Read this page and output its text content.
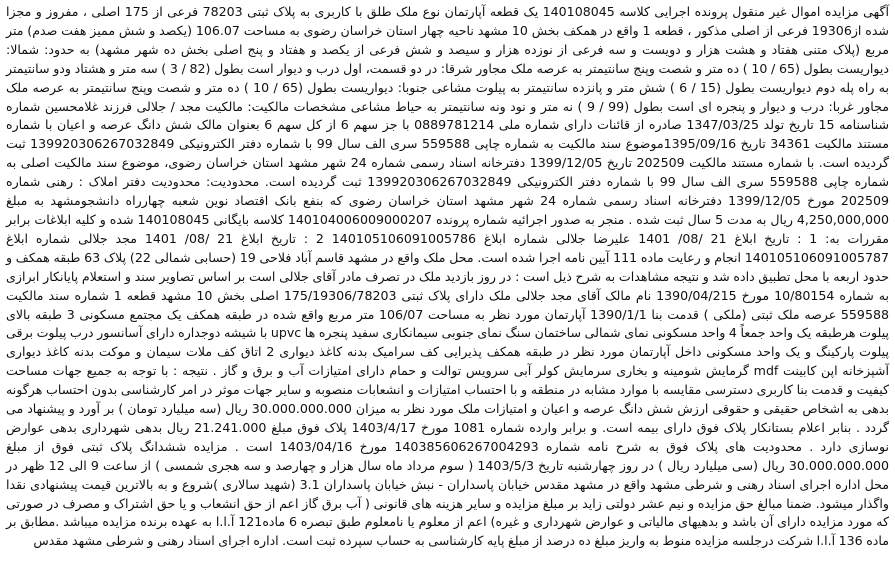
آگهی مزایده اموال غیر منقول پرونده اجرایی کلاسه 140108045 یک قطعه آپارتمان نوع ملک طلق با کاربری به پلاک ثبتی 78203 فرعی از 175 اصلی ، مفروز و مجزا شده از19306 فرعی از اصلی مذکور ، قطعه 1 واقع در همکف بخش 10 مشهد ناحیه چهار استان خراسان رضوی به مساحت 106.07 (یکصد و شش ممیز هفت صدم) متر مربع (پلاک متنی هفتاد و هشت هزار و دویست و سه فرعی از نوزده هزار و سیصد و شش فرعی از یکصد و هفتاد و پنج اصلی بخش ده شهر مشهد) به حدود: شمالا: دیواریست بطول (65 / 10 ) ده متر و شصت وپنج سانتیمتر به عرصه ملک مجاور شرقا: در دو قسمت، اول درب و دیوار است بطول (82 / 3 ) سه متر و هشتاد ودو سانتیمتر به راه پله دوم دیواریست بطول (15 / 6 ) شش متر و پانزده سانتیمتر به پیلوت مشاعی جنوبا: دیواریست بطول (65 / 10 ) ده متر و شصت وپنج سانتیمتر به عرصه ملک مجاور غربا: درب و دیوار و پنجره ای است بطول (99 / 9 ) نه متر و نود ونه سانتیمتر به حیاط مشاعی مشخصات مالکیت: مالکیت مجد / جلالی فرزند غلامحسین شماره شناسنامه 15 تاریخ تولد 1347/03/25 صادره از قائنات دارای شماره ملی 0889781214 با جز سهم 6 از کل سهم 6 بعنوان مالک شش دانگ عرصه و اعیان با شماره مستند مالکیت 34361 تاریخ 1395/09/16موضوع سند مالکیت به شماره چاپی 559588 سری الف سال 99 با شماره دفتر الکترونیکی 139920306267032849 ثبت گردیده است. با شماره مستند مالکیت 202509 تاریخ 1399/12/05 دفترخانه اسناد رسمی شماره 24 شهر مشهد استان خراسان رضوی، موضوع سند مالکیت اصلی به شماره چاپی 559588 سری الف سال 99 با شماره دفتر الکترونیکی 139920306267032849 ثبت گردیده است. محدودیت: محدودیت دفتر املاک : رهنی شماره 202509 مورخ 1399/12/05 دفترخانه اسناد رسمی شماره 24 شهر مشهد استان خراسان رضوی که بنفع بانک اقتصاد نوین شعبه چهارراه دانشجومشهد به مبلغ 4,250,000,000 ریال به مدت 5 سال ثبت شده . منجر به صدور اجرائیه شماره پرونده 140104006009000207 کلاسه بایگانی 140108045 شده و کلیه ابلاغات برابر مقررات به: 1 : تاریخ ابلاغ 21 /08/ 1401 علیرضا جلالی شماره ابلاغ 140105106091005786 2 : تاریخ ابلاغ 21 /08/ 1401 مجد جلالی شماره ابلاغ 140105106091005787 انجام و رعایت ماده 111 آیین نامه اجرا شده است. محل ملک واقع در مشهد قاسم آباد فلاحی 19 (حسابی شمالی 22) پلاک 63 طبقه همکف و حدود اربعه با محل تطبیق داده شد و نتیجه مشاهدات به شرح ذیل است : در روز بازدید ملک در تصرف مادر آقای جلالی است بر اساس تصاویر سند و استعلام پایانکار ابرازی به شماره 10/80154 مورخ 1390/04/215 نام مالک آقای مجد جلالی ملک دارای پلاک ثبتی 175/19306/78203 اصلی بخش 10 مشهد قطعه 1 شماره سند مالکیت 559588 عرصه ملک ثبتی (ملکی ) قدمت بنا 1390/1/1 آپارتمان مورد نظر به مساحت 106/07 متر مربع واقع شده در طبقه همکف یک مجتمع مسکونی 3 طبقه بالای پیلوت هرطبقه یک واحد جمعاً 4 واحد مسکونی نمای شمالی ساختمان سنگ نمای جنوبی سیمانکاری سفید پنجره ها upvc با شیشه دوجداره دارای آسانسور درب پیلوت برقی پیلوت پارکینگ و یک واحد مسکونی داخل آپارتمان مورد نظر در طبقه همکف پذیرایی کف سرامیک بدنه کاغذ دیواری 2 اتاق کف ملات سیمان و موکت بدنه کاغذ دیواری آشپزخانه اپن کابینت mdf گرمایش شومینه و بخاری سرمایش کولر آبی سرویس توالت و حمام دارای امتیازات آب و برق و گاز . نتیجه : با توجه به جمیع جهات مساحت کیفیت و قدمت بنا کاربری دسترسی مقایسه با موارد مشابه در منطقه و با احتساب امتیازات و انشعابات منصوبه و سایر جهات موثر در امر کارشناسی بدون احتساب هرگونه بدهی به اشخاص حقیقی و حقوقی ارزش شش دانگ عرصه و اعیان و امتیازات ملک مورد نظر به میزان 30.000.000.000 ریال (سه میلیارد تومان ) بر آورد و پیشنهاد می گردد . بنابر اعلام بستانکار پلاک فوق دارای بیمه است. و برابر وارده شماره 1081 مورخ 1403/4/17 پلاک فوق مبلغ 21.241.000 ریال بدهی شهرداری بدهی عوارض نوسازی دارد . محدودیت های پلاک فوق به شرح نامه شماره 140385606267004293 مورخ 1403/04/16 است . مزایده ششدانگ پلاک ثبتی فوق از مبلغ 30.000.000.000 ریال (سی میلیارد ریال ) در روز چهارشنبه تاریخ 1403/5/3 ( سوم مرداد ماه سال هزار و چهارصد و سه هجری شمسی ) از ساعت 9 الی 12 ظهر در محل اداره اجرای اسناد رهنی و شرطی مشهد واقع در مشهد مقدس خیابان پاسداران - نبش خیابان پاسداران 3.1 (شهید سالاری )شروع و به بالاترین قیمت پیشنهادی نقدا واگذار میشود. ضمنا مبالغ حق مزایده و نیم عشر دولتی زاید بر مبلغ مزایده و سایر هزینه های قانونی ( آب برق گاز اعم از حق انشعاب و یا حق اشتراک و مصرف در صورتی که مورد مزایده دارای آن باشد و بدهیهای مالیاتی و عوارض شهرداری و غیره) اعم از معلوم یا نامعلوم طبق تبصره 6 ماده121 آ.ا.ا به عهده برنده مزایده میباشد .مطابق بر ماده 136 آ.ا.ا شرکت درجلسه مزایده منوط به واریز مبلغ ده درصد از مبلغ پایه کارشناسی به حساب سپرده ثبت است. اداره اجرای اسناد رهنی و شرطی مشهد مقدس
